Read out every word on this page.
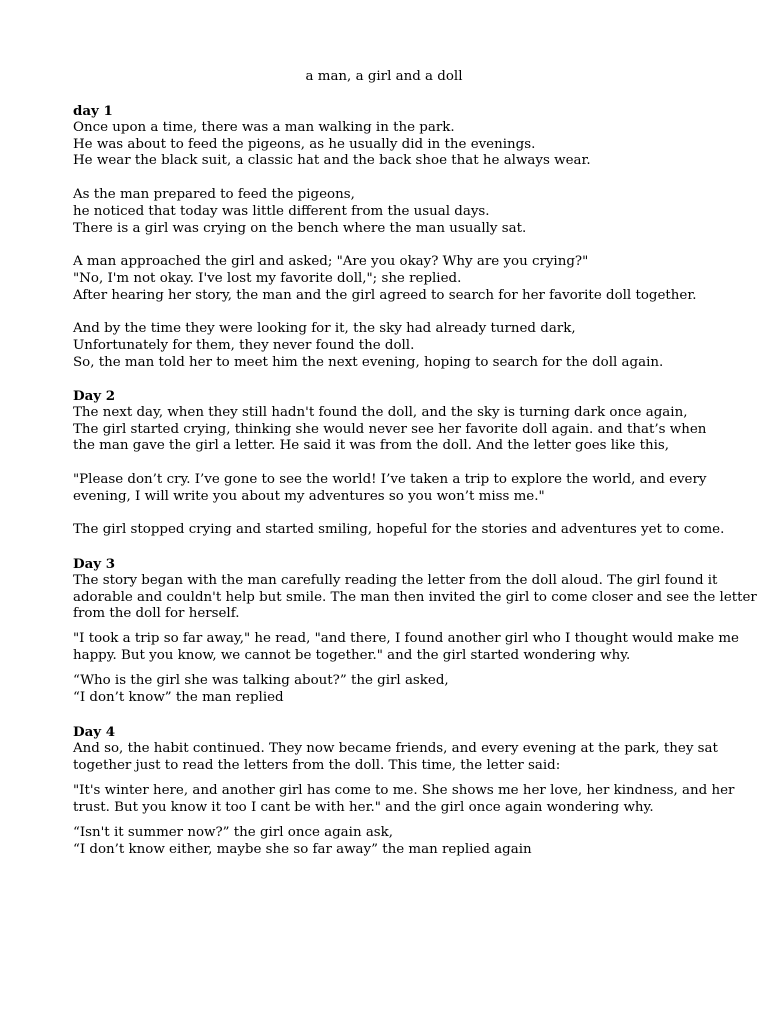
a man, a girl and a doll
day 1
Once upon a time, there was a man walking in the park.
He was about to feed the pigeons, as he usually did in the evenings.
He wear the black suit, a classic hat and the back shoe that he always wear.
As the man prepared to feed the pigeons,
he noticed that today was little different from the usual days.
There is a girl was crying on the bench where the man usually sat.
A man approached the girl and asked; "Are you okay? Why are you crying?"
"No, I'm not okay. I've lost my favorite doll,"; she replied.
After hearing her story, the man and the girl agreed to search for her favorite doll together.
And by the time they were looking for it, the sky had already turned dark,
Unfortunately for them, they never found the doll.
So, the man told her to meet him the next evening, hoping to search for the doll again.
Day 2
The next day, when they still hadn't found the doll, and the sky is turning dark once again,
The girl started crying, thinking she would never see her favorite doll again. and that’s when
the man gave the girl a letter. He said it was from the doll. And the letter goes like this,
"Please don’t cry. I’ve gone to see the world! I’ve taken a trip to explore the world, and every
evening, I will write you about my adventures so you won’t miss me."
The girl stopped crying and started smiling, hopeful for the stories and adventures yet to come.
Day 3
The story began with the man carefully reading the letter from the doll aloud. The girl found it
adorable and couldn't help but smile. The man then invited the girl to come closer and see the letter
from the doll for herself.
"I took a trip so far away," he read, "and there, I found another girl who I thought would make me
happy. But you know, we cannot be together." and the girl started wondering why.
“Who is the girl she was talking about?” the girl asked,
“I don’t know” the man replied
Day 4
And so, the habit continued. They now became friends, and every evening at the park, they sat
together just to read the letters from the doll. This time, the letter said:
"It's winter here, and another girl has come to me. She shows me her love, her kindness, and her
trust. But you know it too I cant be with her." and the girl once again wondering why.
“Isn't it summer now?” the girl once again ask,
“I don’t know either, maybe she so far away” the man replied again
